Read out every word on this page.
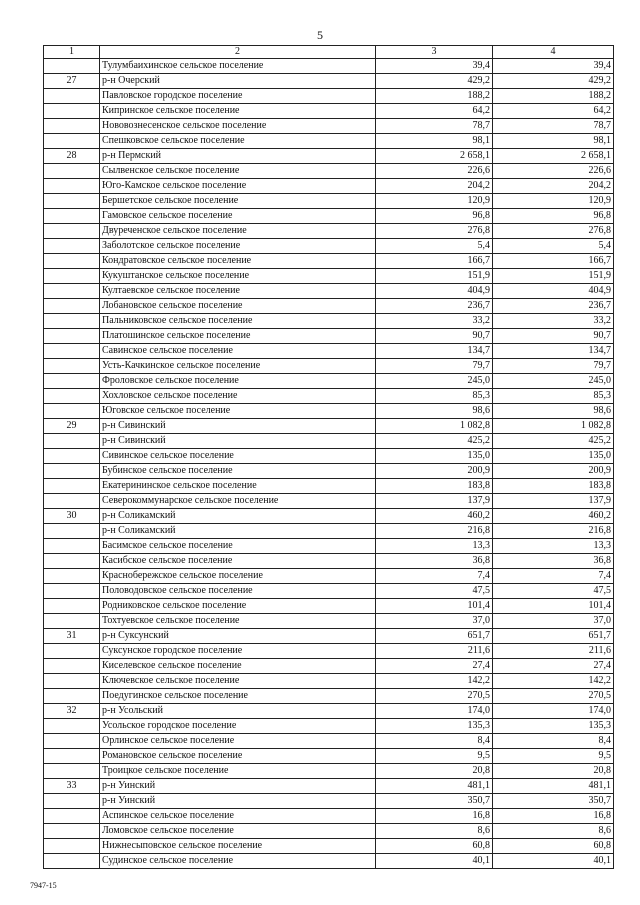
5
1	2	3	4
	Тулумбаихинское сельское поселение	39,4	39,4
27	р-н Очерский	429,2	429,2
	Павловское городское поселение	188,2	188,2
	Кипринское сельское поселение	64,2	64,2
	Нововознесенское сельское поселение	78,7	78,7
	Спешковское сельское поселение	98,1	98,1
28	р-н Пермский	2 658,1	2 658,1
	Сылвенское сельское поселение	226,6	226,6
	Юго-Камское сельское поселение	204,2	204,2
	Бершетское сельское поселение	120,9	120,9
	Гамовское сельское поселение	96,8	96,8
	Двуреченское сельское поселение	276,8	276,8
	Заболотское сельское поселение	5,4	5,4
	Кондратовское сельское поселение	166,7	166,7
	Кукуштанское сельское поселение	151,9	151,9
	Култаевское сельское поселение	404,9	404,9
	Лобановское сельское поселение	236,7	236,7
	Пальниковское сельское поселение	33,2	33,2
	Платошинское сельское поселение	90,7	90,7
	Савинское сельское поселение	134,7	134,7
	Усть-Качкинское сельское поселение	79,7	79,7
	Фроловское сельское поселение	245,0	245,0
	Хохловское сельское поселение	85,3	85,3
	Юговское сельское поселение	98,6	98,6
29	р-н Сивинский	1 082,8	1 082,8
	р-н Сивинский	425,2	425,2
	Сивинское сельское поселение	135,0	135,0
	Бубинское сельское поселение	200,9	200,9
	Екатерининское сельское поселение	183,8	183,8
	Северокоммунарское сельское поселение	137,9	137,9
30	р-н Соликамский	460,2	460,2
	р-н Соликамский	216,8	216,8
	Басимское сельское поселение	13,3	13,3
	Касибское сельское поселение	36,8	36,8
	Краснобережское сельское поселение	7,4	7,4
	Половодовское сельское поселение	47,5	47,5
	Родниковское сельское поселение	101,4	101,4
	Тохтуевское сельское поселение	37,0	37,0
31	р-н Суксунский	651,7	651,7
	Суксунское городское поселение	211,6	211,6
	Киселевское сельское поселение	27,4	27,4
	Ключевское сельское поселение	142,2	142,2
	Поедугинское сельское поселение	270,5	270,5
32	р-н Усольский	174,0	174,0
	Усольское городское поселение	135,3	135,3
	Орлинское сельское поселение	8,4	8,4
	Романовское сельское поселение	9,5	9,5
	Троицкое сельское поселение	20,8	20,8
33	р-н Уинский	481,1	481,1
	р-н Уинский	350,7	350,7
	Аспинское сельское поселение	16,8	16,8
	Ломовское сельское поселение	8,6	8,6
	Нижнесыповское сельское поселение	60,8	60,8
	Судинское сельское поселение	40,1	40,1
7947-15
